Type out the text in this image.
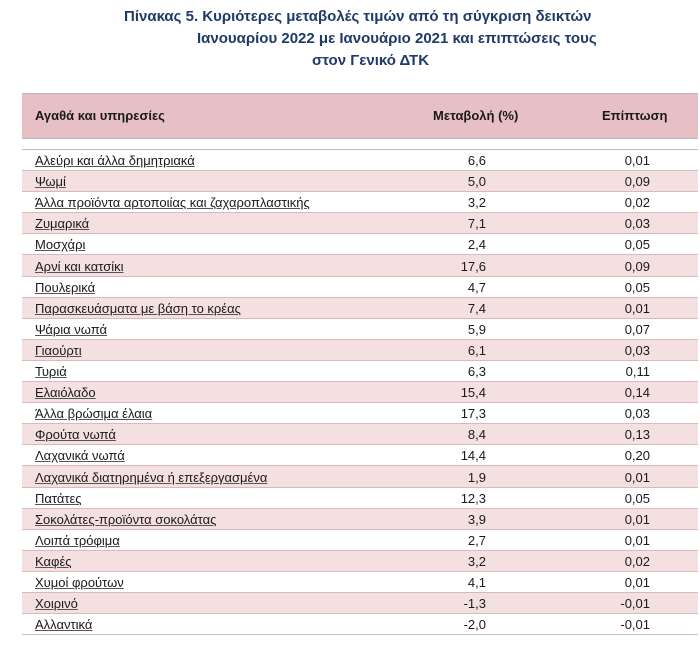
Πίνακας 5. Κυριότερες μεταβολές τιμών από τη σύγκριση δεικτών
Ιανουαρίου 2022 με Ιανουάριο 2021 και επιπτώσεις τους
στον Γενικό ΔΤΚ
Αγαθά και υπηρεσίες	Μεταβολή (%)	Επίπτωση
Αλεύρι και άλλα δημητριακά	6,6	0,01
Ψωμί	5,0	0,09
Άλλα προϊόντα αρτοποιίας και ζαχαροπλαστικής	3,2	0,02
Ζυμαρικά	7,1	0,03
Μοσχάρι	2,4	0,05
Αρνί και κατσίκι	17,6	0,09
Πουλερικά	4,7	0,05
Παρασκευάσματα με βάση το κρέας	7,4	0,01
Ψάρια νωπά	5,9	0,07
Γιαούρτι	6,1	0,03
Τυριά	6,3	0,11
Ελαιόλαδο	15,4	0,14
Άλλα βρώσιμα έλαια	17,3	0,03
Φρούτα νωπά	8,4	0,13
Λαχανικά νωπά	14,4	0,20
Λαχανικά διατηρημένα ή επεξεργασμένα	1,9	0,01
Πατάτες	12,3	0,05
Σοκολάτες-προϊόντα σοκολάτας	3,9	0,01
Λοιπά τρόφιμα	2,7	0,01
Καφές	3,2	0,02
Χυμοί φρούτων	4,1	0,01
Χοιρινό	-1,3	-0,01
Αλλαντικά	-2,0	-0,01
